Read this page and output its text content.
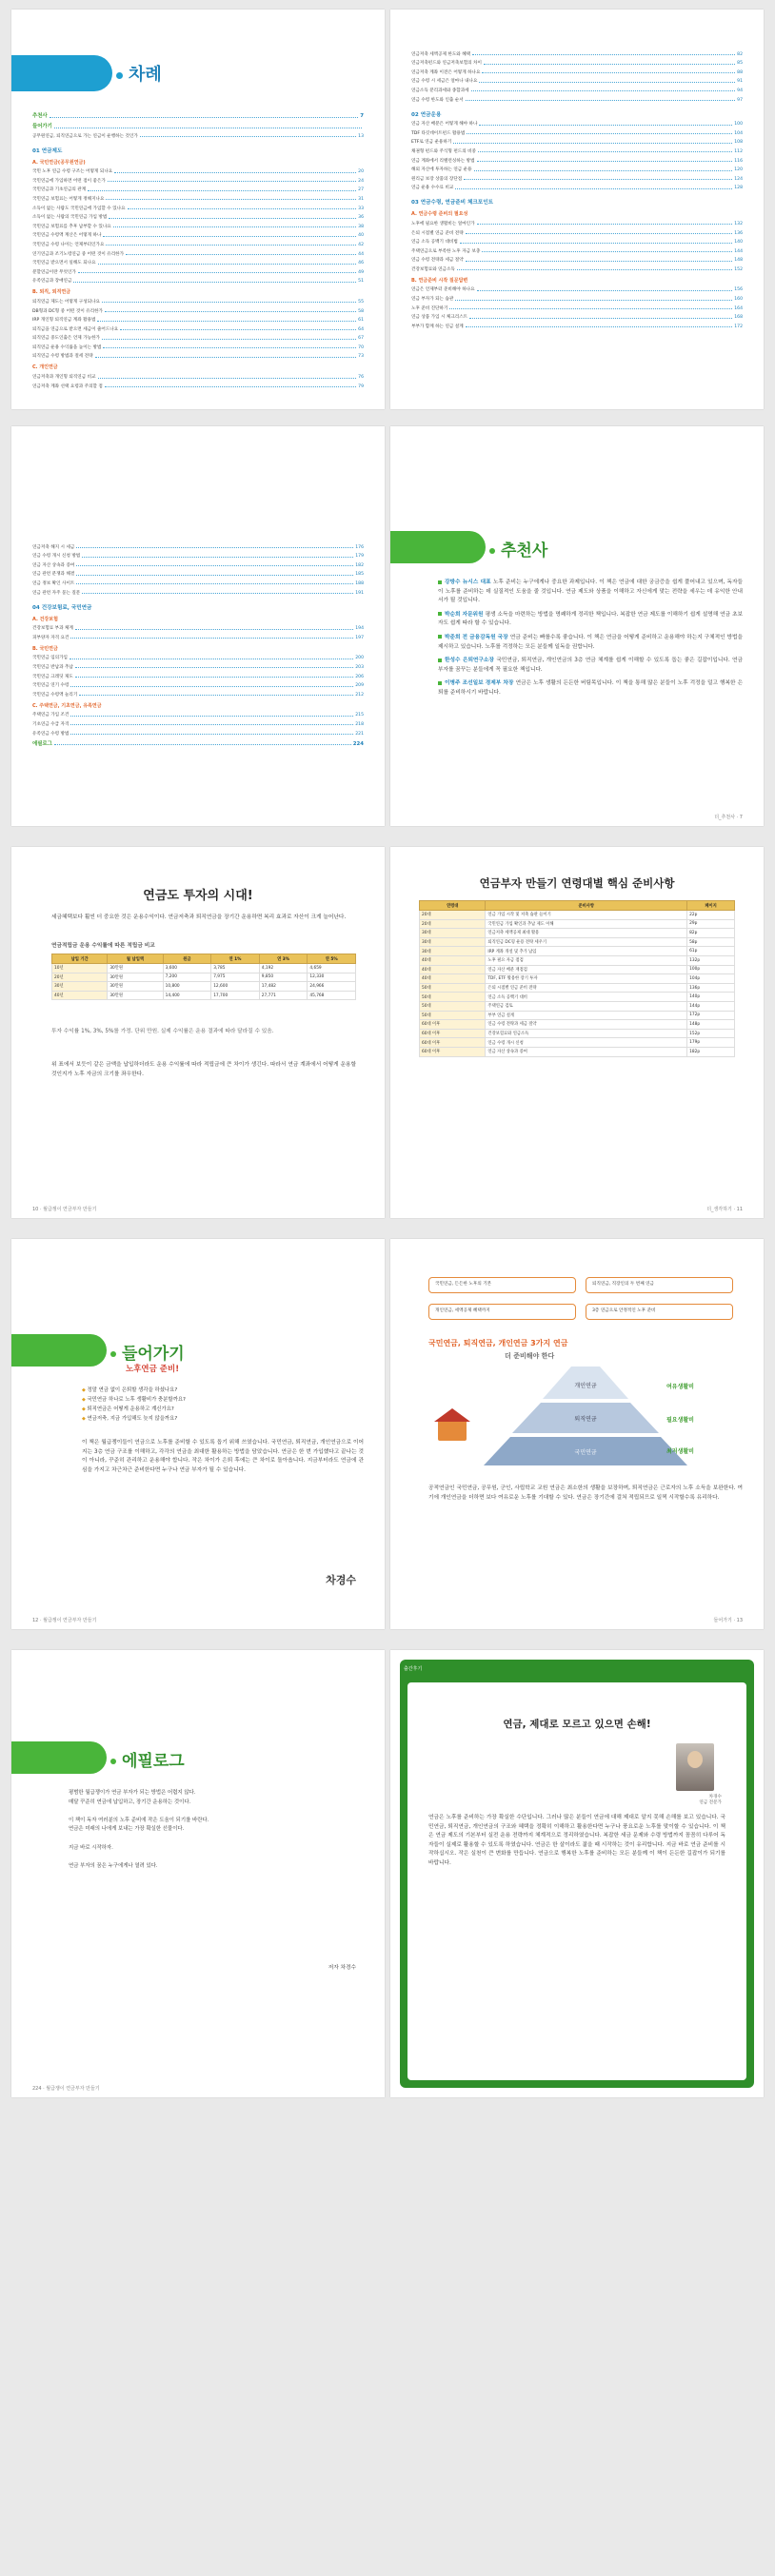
차례
추천사	7
들어가기
공무원연금, 퇴직연금으로 가는 연금이 운행하는 것인가	13
01 연금제도
A. 국민연금(공무원연금)
국민 노후 연금 수령 구조는 어떻게 되나요	20
국민연금에 가입하면 어떤 점이 좋은가	24
국민연금과 기초연금의 관계	27
국민연금 보험료는 어떻게 정해지나요	31
소득이 없는 사람도 국민연금에 가입할 수 있나요	33
소득이 없는 사람의 국민연금 가입 방법	36
국민연금 보험료를 추후 납부할 수 있나요	38
국민연금 수령액 계산은 어떻게 하나	40
국민연금 수령 나이는 언제부터인가요	42
연기연금과 조기노령연금 중 어떤 것이 유리한가	44
국민연금 받으면서 일해도 되나요	46
분할연금이란 무엇인가	49
유족연금과 장애연금	51
B. 퇴직, 퇴직연금
퇴직연금 제도는 어떻게 구성되나요	55
DB형과 DC형 중 어떤 것이 유리한가	58
IRP 개인형 퇴직연금 계좌 활용법	61
퇴직금을 연금으로 받으면 세금이 줄어드나요	64
퇴직연금 중도인출은 언제 가능한가	67
퇴직연금 운용 수익률을 높이는 방법	70
퇴직연금 수령 방법과 절세 전략	73
C. 개인연금
연금저축과 개인형 퇴직연금 비교	76
연금저축 계좌 선택 요령과 주의할 점	79
연금저축 세액공제 한도와 혜택	82
연금저축펀드와 연금저축보험의 차이	85
연금저축 계좌 이전은 어떻게 하나요	88
연금 수령 시 세금은 얼마나 내나요	91
연금소득 분리과세와 종합과세	94
연금 수령 한도와 인출 순서	97
02 연금운용
연금 자산 배분은 어떻게 해야 하나	100
TDF 타깃데이트펀드 활용법	104
ETF로 연금 운용하기	108
채권형 펀드와 주식형 펀드의 비중	112
연금 계좌에서 리밸런싱하는 방법	116
해외 자산에 투자하는 연금 운용	120
원리금 보장 상품의 장단점	124
연금 운용 수수료 비교	128
03 연금수령, 연금준비 체크포인트
A. 연금수령 준비의 필요성
노후에 필요한 생활비는 얼마인가	132
은퇴 시점별 연금 준비 전략	136
연금 소득 공백기 대비법	140
주택연금으로 부족한 노후 자금 보충	144
연금 수령 전략과 세금 절약	148
건강보험료와 연금소득	152
B. 연금준비 시작 질문답변
연금은 언제부터 준비해야 하나요	156
연금 부자가 되는 습관	160
노후 준비 진단하기	164
연금 상품 가입 시 체크리스트	168
부부가 함께 하는 연금 설계	172
연금저축 해지 시 세금	176
연금 수령 개시 신청 방법	179
연금 자산 상속과 증여	182
연금 관련 분쟁과 해결	185
연금 정보 확인 사이트	188
연금 관련 자주 묻는 질문	191
04 건강보험료, 국민연금
A. 건강보험
건강보험료 부과 체계	194
피부양자 자격 요건	197
B. 국민연금
국민연금 임의가입	200
국민연금 반납과 추납	203
국민연금 크레딧 제도	206
국민연금 연기 수령	209
국민연금 수령액 늘리기	212
C. 주택연금, 기초연금, 유족연금
주택연금 가입 조건	215
기초연금 수급 자격	218
유족연금 수령 방법	221
에필로그	224
추천사

강방수 뉴시스 대표 노후 준비는 누구에게나 중요한 과제입니다. 이 책은 연금에 대한 궁금증을 쉽게 풀어내고 있으며, 독자들이 노후를 준비하는 데 실질적인 도움을 줄 것입니다. 연금 제도와 상품을 이해하고 자신에게 맞는 전략을 세우는 데 유익한 안내서가 될 것입니다.

박순희 자문위원 평생 소득을 마련하는 방법을 명쾌하게 정리한 책입니다. 복잡한 연금 제도를 이해하기 쉽게 설명해 연금 초보자도 쉽게 따라 할 수 있습니다.

박준희 전 금융감독원 국장 연금 준비는 빠를수록 좋습니다. 이 책은 연금을 어떻게 준비하고 운용해야 하는지 구체적인 방법을 제시하고 있습니다. 노후를 걱정하는 모든 분들께 일독을 권합니다.

한성수 은퇴연구소장 국민연금, 퇴직연금, 개인연금의 3층 연금 체계를 쉽게 이해할 수 있도록 돕는 좋은 길잡이입니다. 연금 부자를 꿈꾸는 분들에게 꼭 필요한 책입니다.

이병주 조선일보 경제부 차장 연금은 노후 생활의 든든한 버팀목입니다. 이 책을 통해 많은 분들이 노후 걱정을 덜고 행복한 은퇴를 준비하시기 바랍니다.

더_추천사 · 7
연금도 투자의 시대!
세금혜택보다 훨씬 더 중요한 것은 운용수익이다. 연금저축과 퇴직연금을 장기간 운용하면 복리 효과로 자산이 크게 늘어난다.
연금적립금 운용 수익률에 따른 적립금 비교
납입 기간	월 납입액	원금	연 1%	연 3%	연 5%
10년	30만원	3,600	3,785	4,192	4,659
20년	30만원	7,200	7,975	9,850	12,330
30년	30만원	10,800	12,600	17,482	24,966
40년	30만원	14,400	17,700	27,771	45,768
투자 수익률 1%, 3%, 5%를 가정. 단위 만원. 실제 수익률은 운용 결과에 따라 달라질 수 있음.
위 표에서 보듯이 같은 금액을 납입하더라도 운용 수익률에 따라 적립금에 큰 차이가 생긴다. 따라서 연금 계좌에서 어떻게 운용할 것인지가 노후 자금의 크기를 좌우한다.
10 · 월급쟁이 연금부자 만들기
연금부자 만들기 연령대별 핵심 준비사항
연령대	준비사항	페이지
20대	연금 가입 시작 및 저축 습관 들이기	22p
20대	국민연금 가입 확인과 추납 제도 이해	29p
30대	연금저축 세액공제 최대 활용	82p
30대	퇴직연금 DC형 운용 전략 세우기	58p
30대	IRP 계좌 개설 및 추가 납입	61p
40대	노후 필요 자금 점검	132p
40대	연금 자산 배분 재점검	100p
40대	TDF, ETF 활용한 장기 투자	104p
50대	은퇴 시점별 연금 준비 전략	136p
50대	연금 소득 공백기 대비	140p
50대	주택연금 검토	144p
50대	부부 연금 설계	172p
60대 이후	연금 수령 전략과 세금 절약	148p
60대 이후	건강보험료와 연금소득	152p
60대 이후	연금 수령 개시 신청	179p
60대 이후	연금 자산 상속과 증여	182p
더_생각하기 · 11
들어가기
노후연금 준비!
◆ 정말 연금 없이 은퇴할 생각을 하셨나요?
◆ 국민연금 하나로 노후 생활비가 충분할까요?
◆ 퇴직연금은 어떻게 운용하고 계신가요?
◆ 연금저축, 지금 가입해도 늦지 않을까요?
이 책은 월급쟁이들이 연금으로 노후를 준비할 수 있도록 돕기 위해 쓰였습니다. 국민연금, 퇴직연금, 개인연금으로 이어지는 3층 연금 구조를 이해하고, 각각의 연금을 최대한 활용하는 방법을 담았습니다. 연금은 한 번 가입했다고 끝나는 것이 아니라, 꾸준히 관리하고 운용해야 합니다. 작은 차이가 은퇴 후에는 큰 차이로 돌아옵니다. 지금부터라도 연금에 관심을 가지고 차근차근 준비한다면 누구나 연금 부자가 될 수 있습니다.
차경수
12 · 월급쟁이 연금부자 만들기
국민연금, 든든한 노후의 기본	퇴직연금, 직장인의 두 번째 연금
개인연금, 세액공제 혜택까지	3층 연금으로 안정적인 노후 준비
국민연금, 퇴직연금, 개인연금 3가지 연금
더 준비해야 한다
개인연금
퇴직연금
국민연금
여유생활비
필요생활비
최저생활비
공적연금인 국민연금, 공무원, 군인, 사립학교 교원 연금은 최소한의 생활을 보장하며, 퇴직연금은 근로자의 노후 소득을 보완한다. 여기에 개인연금을 더하면 보다 여유로운 노후를 기대할 수 있다. 연금은 장기간에 걸쳐 적립되므로 일찍 시작할수록 유리하다.
들어가기 · 13
에필로그
평범한 월급쟁이가 연금 부자가 되는 방법은 어렵지 않다.
매달 꾸준히 연금에 납입하고, 장기간 운용하는 것이다.

이 책이 독자 여러분의 노후 준비에 작은 도움이 되기를 바란다.
연금은 미래의 나에게 보내는 가장 확실한 선물이다.

지금 바로 시작하자.

연금 부자의 꿈은 누구에게나 열려 있다.
저자 차경수
224 · 월급쟁이 연금부자 만들기
출간후기
연금, 제대로 모르고 있으면 손해!
차경수
연금 전문가
연금은 노후를 준비하는 가장 확실한 수단입니다. 그러나 많은 분들이 연금에 대해 제대로 알지 못해 손해를 보고 있습니다. 국민연금, 퇴직연금, 개인연금의 구조와 혜택을 정확히 이해하고 활용한다면 누구나 풍요로운 노후를 맞이할 수 있습니다. 이 책은 연금 제도의 기본부터 실전 운용 전략까지 체계적으로 정리하였습니다. 복잡한 세금 문제와 수령 방법까지 꼼꼼히 다루어 독자들이 실제로 활용할 수 있도록 하였습니다. 연금은 한 살이라도 젊을 때 시작하는 것이 유리합니다. 지금 바로 연금 준비를 시작하십시오. 작은 실천이 큰 변화를 만듭니다. 연금으로 행복한 노후를 준비하는 모든 분들께 이 책이 든든한 길잡이가 되기를 바랍니다.
